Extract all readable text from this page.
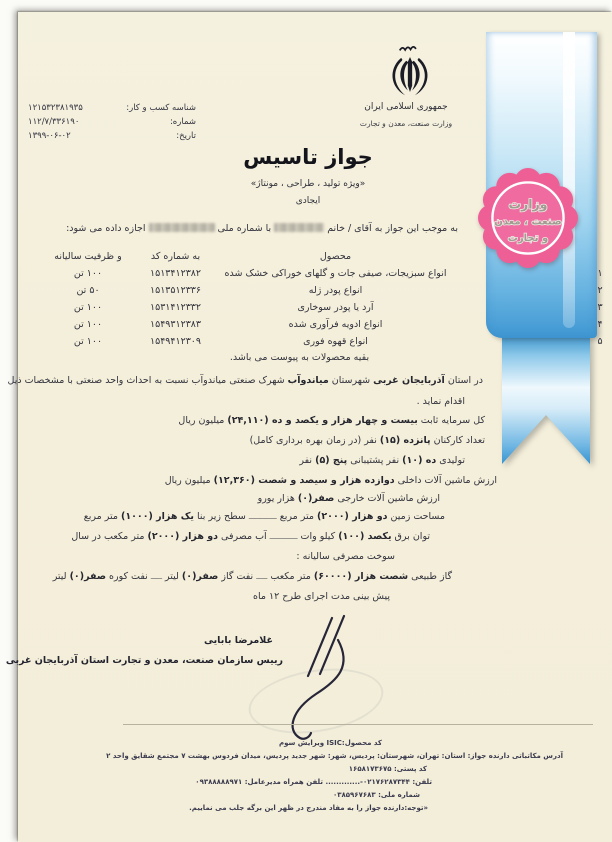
وزارت
صنعت ، معدن
و تجارت
جمهوری اسلامی ایران
وزارت صنعت، معدن و تجارت
شناسه کسب و کار:
۱۲۱۵۳۲۳۸۱۹۳۵
شماره:
۱۱۲/۷/۳۳۶۱۹۰
تاریخ:
۱۳۹۹-۰۶-۰۲
جواز تاسیس
«ویژه تولید ، طراحی ، مونتاژ»
ایجادی
به موجب این جواز به آقای / خانم  با شماره ملی  اجازه داده می شود:
محصول
به شماره کد
و ظرفیت سالیانه
۱
انواع سبزیجات، صیفی جات و گلهای خوراکی خشک شده
۱۵۱۳۴۱۲۳۸۲
۱۰۰ تن
۲
انواع پودر ژله
۱۵۱۳۵۱۲۳۳۶
۵۰ تن
۳
آرد یا پودر سوخاری
۱۵۳۱۴۱۲۳۳۲
۱۰۰ تن
۴
انواع ادویه فرآوری شده
۱۵۴۹۳۱۲۳۸۳
۱۰۰ تن
۵
انواع قهوه فوری
۱۵۴۹۴۱۲۳۰۹
۱۰۰ تن
بقیه محصولات به پیوست می باشد.
در استان آذربایجان غربی شهرستان میاندوآب شهرک صنعتی میاندوآب نسبت به احداث واحد صنعتی با مشخصات ذیل
اقدام نماید .
کل سرمایه ثابت بیست و چهار هزار و یکصد و ده (۲۴,۱۱۰) میلیون ریال
تعداد کارکنان پانزده (۱۵) نفر (در زمان بهره برداری کامل)
تولیدی ده (۱۰) نفر پشتیبانی پنج (۵) نفر
ارزش ماشین آلات داخلی دوازده هزار و سیصد و شصت (۱۲,۳۶۰) میلیون ریال
ارزش ماشین آلات خارجی صفر(۰) هزار یورو
مساحت زمین دو هزار (۲۰۰۰) متر مربع ــــــــــ سطح زیر بنا یک هزار (۱۰۰۰) متر مربع
توان برق یکصد (۱۰۰) کیلو وات ــــــــــ آب مصرفی دو هزار (۲۰۰۰) متر مکعب در سال
سوخت مصرفی سالیانه :
گاز طبیعی شصت هزار (۶۰۰۰۰) متر مکعب ــــ نفت گاز صفر(۰) لیتر ــــ نفت کوره صفر(۰) لیتر
پیش بینی مدت اجرای طرح ۱۲ ماه
غلامرضا بابایی
رییس سازمان صنعت، معدن و تجارت استان آذربایجان غربی
کد محصول:ISIC ویرایش سوم
آدرس مکاتباتی دارنده جواز: استان: تهران، شهرستان: پردیس، شهر: شهر جدید پردیس، میدان فردوس بهشت ۷ مجتمع شقایق واحد ۲
کد پستی: ۱۶۵۸۱۷۳۶۷۵
تلفن: ۰۲۱۷۶۲۸۷۳۴۴-............. تلفن همراه مدیرعامل: ۰۹۳۸۸۸۸۸۹۷۱
شماره ملی: ۰۳۸۵۹۶۷۶۸۳
«توجه:دارنده جواز را به مفاد مندرج در ظهر این برگه جلب می نماییم.
